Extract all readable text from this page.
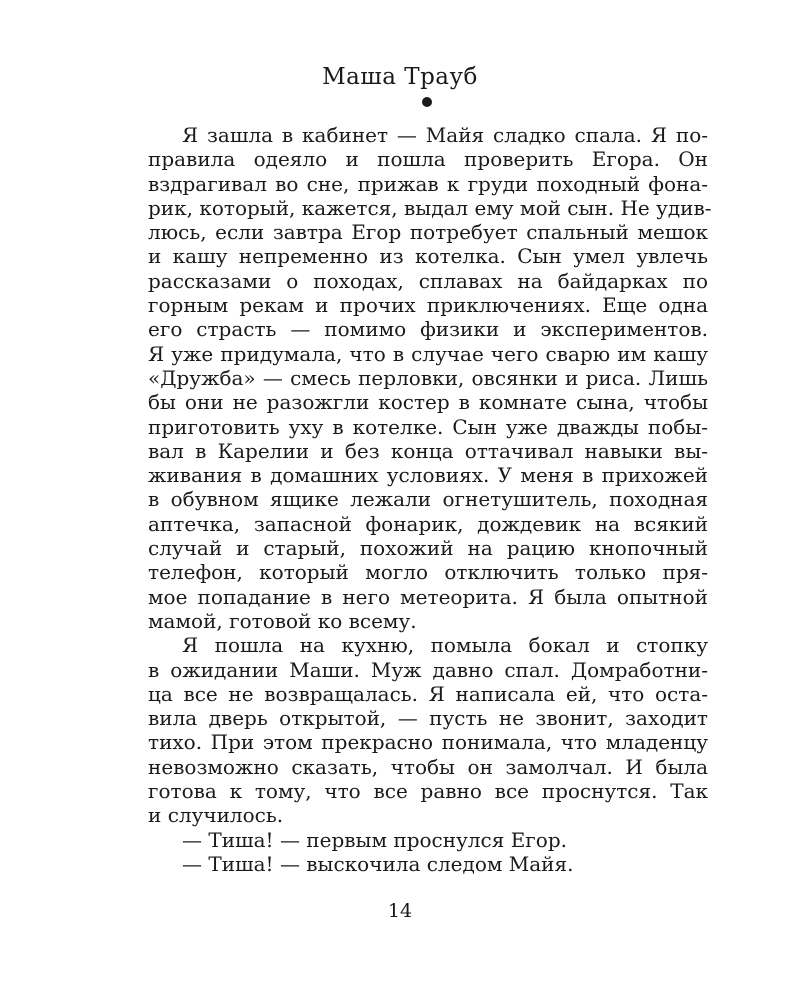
Маша Трауб
Я зашла в кабинет — Майя сладко спала. Я по-
правила одеяло и пошла проверить Егора. Он
вздрагивал во сне, прижав к груди походный фона-
рик, который, кажется, выдал ему мой сын. Не удив-
люсь, если завтра Егор потребует спальный мешок
и кашу непременно из котелка. Сын умел увлечь
рассказами о походах, сплавах на байдарках по
горным рекам и прочих приключениях. Еще одна
его страсть — помимо физики и экспериментов.
Я уже придумала, что в случае чего сварю им кашу
«Дружба» — смесь перловки, овсянки и риса. Лишь
бы они не разожгли костер в комнате сына, чтобы
приготовить уху в котелке. Сын уже дважды побы-
вал в Карелии и без конца оттачивал навыки вы-
живания в домашних условиях. У меня в прихожей
в обувном ящике лежали огнетушитель, походная
аптечка, запасной фонарик, дождевик на всякий
случай и старый, похожий на рацию кнопочный
телефон, который могло отключить только пря-
мое попадание в него метеорита. Я была опытной
мамой, готовой ко всему.
Я пошла на кухню, помыла бокал и стопку
в ожидании Маши. Муж давно спал. Домработни-
ца все не возвращалась. Я написала ей, что оста-
вила дверь открытой, — пусть не звонит, заходит
тихо. При этом прекрасно понимала, что младенцу
невозможно сказать, чтобы он замолчал. И была
готова к тому, что все равно все проснутся. Так
и случилось.
— Тиша! — первым проснулся Егор.
— Тиша! — выскочила следом Майя.
14
